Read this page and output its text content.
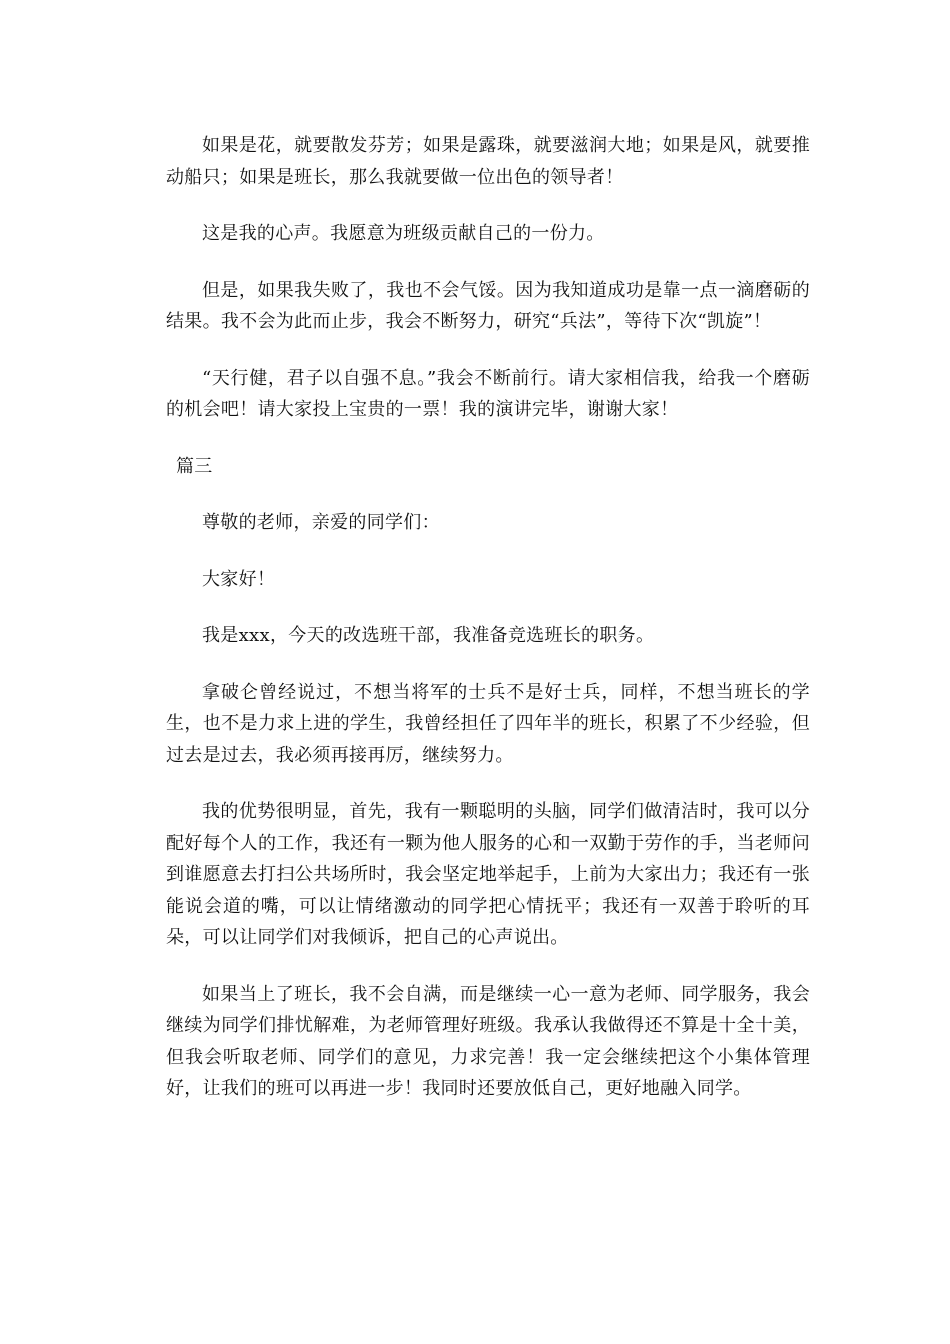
如果是花，就要散发芬芳；如果是露珠，就要滋润大地；如果是风，就要推动船只；如果是班长，那么我就要做一位出色的领导者！

这是我的心声。我愿意为班级贡献自己的一份力。

但是，如果我失败了，我也不会气馁。因为我知道成功是靠一点一滴磨砺的结果。我不会为此而止步，我会不断努力，研究“兵法”，等待下次“凯旋”！

“天行健，君子以自强不息。”我会不断前行。请大家相信我，给我一个磨砺的机会吧！请大家投上宝贵的一票！我的演讲完毕，谢谢大家！

篇三

尊敬的老师，亲爱的同学们：

大家好！

我是xxx，今天的改选班干部，我准备竞选班长的职务。

拿破仑曾经说过，不想当将军的士兵不是好士兵，同样，不想当班长的学生，也不是力求上进的学生，我曾经担任了四年半的班长，积累了不少经验，但过去是过去，我必须再接再厉，继续努力。

我的优势很明显，首先，我有一颗聪明的头脑，同学们做清洁时，我可以分配好每个人的工作，我还有一颗为他人服务的心和一双勤于劳作的手，当老师问到谁愿意去打扫公共场所时，我会坚定地举起手，上前为大家出力；我还有一张能说会道的嘴，可以让情绪激动的同学把心情抚平；我还有一双善于聆听的耳朵，可以让同学们对我倾诉，把自己的心声说出。

如果当上了班长，我不会自满，而是继续一心一意为老师、同学服务，我会继续为同学们排忧解难，为老师管理好班级。我承认我做得还不算是十全十美，但我会听取老师、同学们的意见，力求完善！我一定会继续把这个小集体管理好，让我们的班可以再进一步！我同时还要放低自己，更好地融入同学。
